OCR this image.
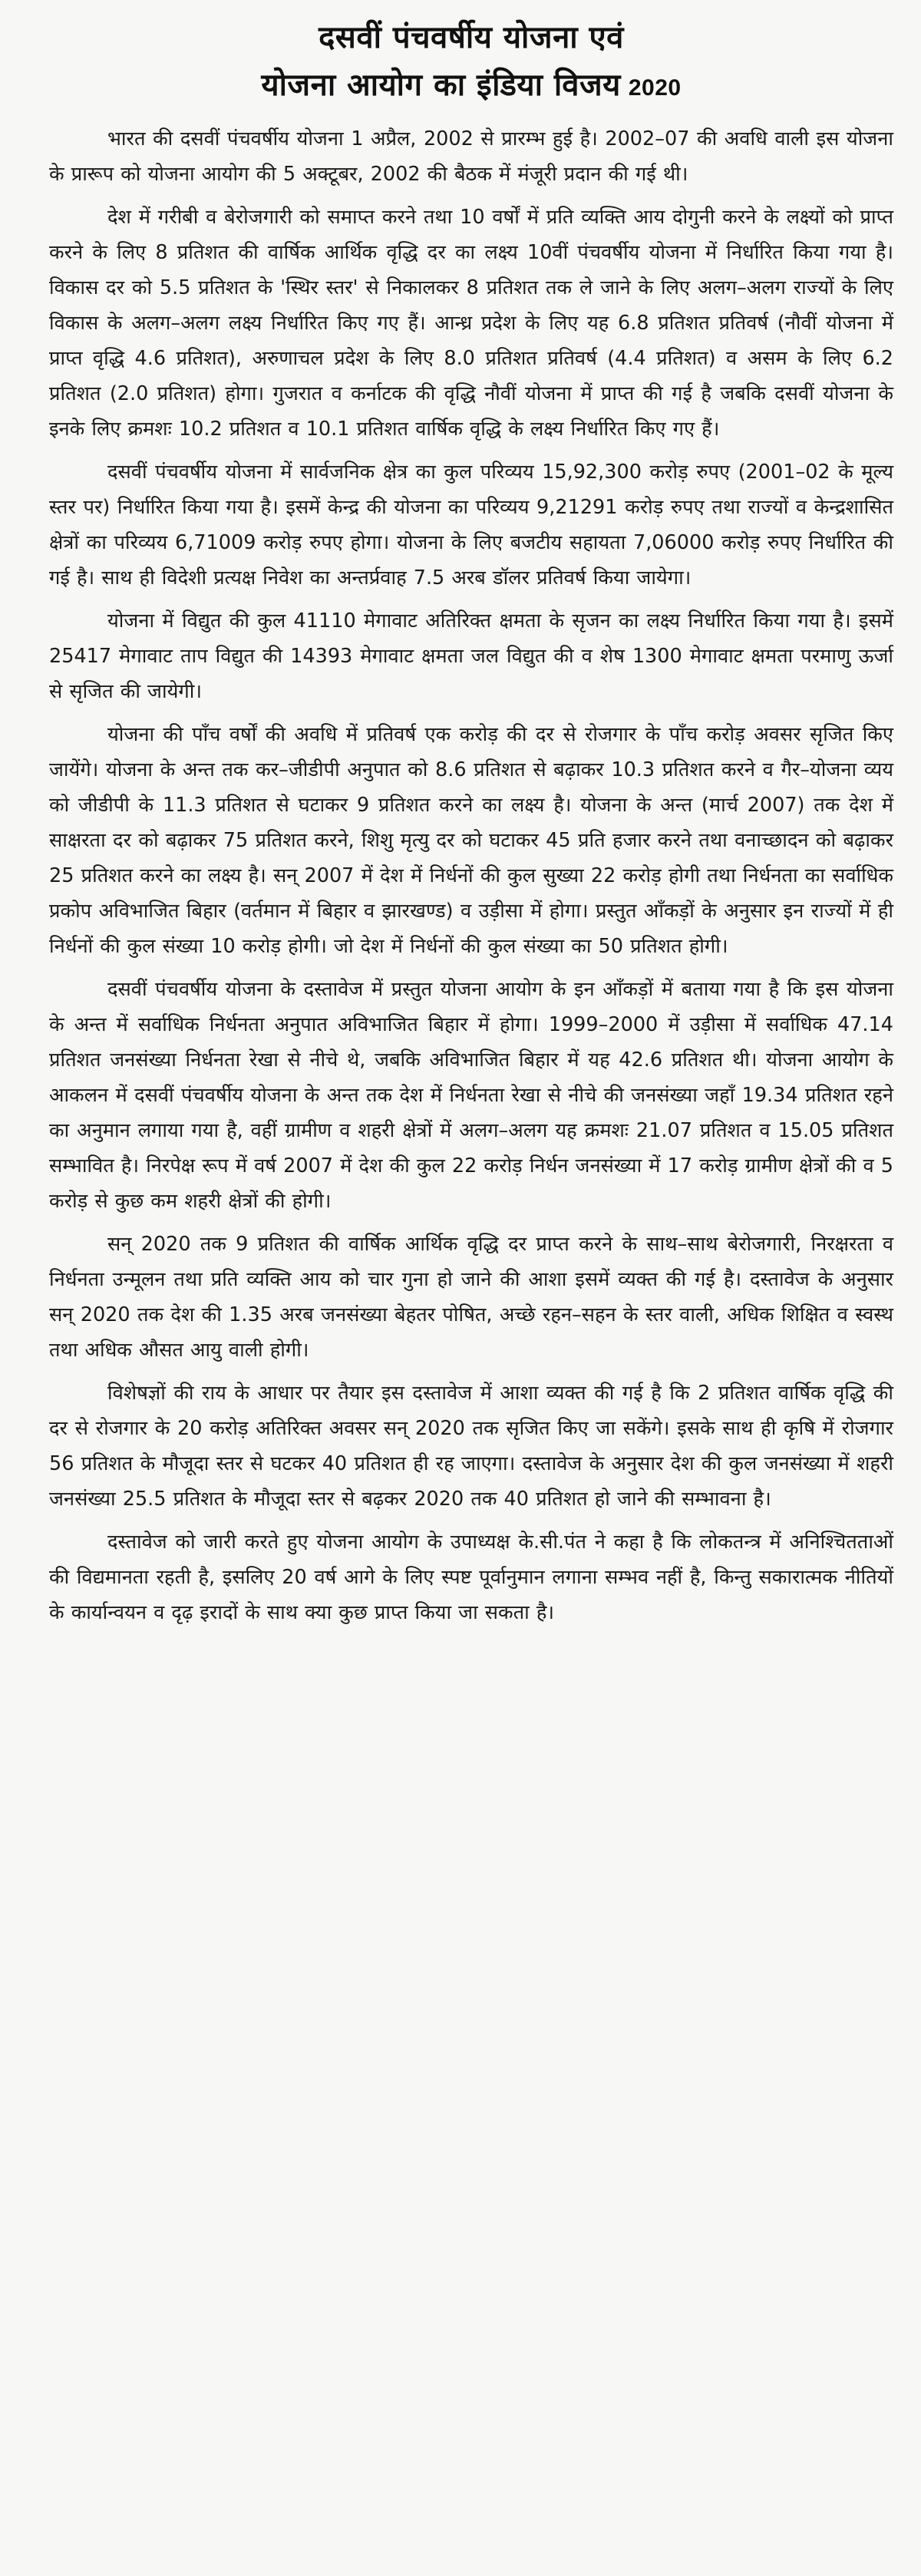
दसवीं पंचवर्षीय योजना एवं
योजना आयोग का इंडिया विजय 2020

भारत की दसवीं पंचवर्षीय योजना 1 अप्रैल, 2002 से प्रारम्भ हुई है। 2002–07 की अवधि वाली इस योजना के प्रारूप को योजना आयोग की 5 अक्टूबर, 2002 की बैठक में मंजूरी प्रदान की गई थी।

देश में गरीबी व बेरोजगारी को समाप्त करने तथा 10 वर्षों में प्रति व्यक्ति आय दोगुनी करने के लक्ष्यों को प्राप्त करने के लिए 8 प्रतिशत की वार्षिक आर्थिक वृद्धि दर का लक्ष्य 10वीं पंचवर्षीय योजना में निर्धारित किया गया है। विकास दर को 5.5 प्रतिशत के 'स्थिर स्तर' से निकालकर 8 प्रतिशत तक ले जाने के लिए अलग–अलग राज्यों के लिए विकास के अलग–अलग लक्ष्य निर्धारित किए गए हैं। आन्ध्र प्रदेश के लिए यह 6.8 प्रतिशत प्रतिवर्ष (नौवीं योजना में प्राप्त वृद्धि 4.6 प्रतिशत), अरुणाचल प्रदेश के लिए 8.0 प्रतिशत प्रतिवर्ष (4.4 प्रतिशत) व असम के लिए 6.2 प्रतिशत (2.0 प्रतिशत) होगा। गुजरात व कर्नाटक की वृद्धि नौवीं योजना में प्राप्त की गई है जबकि दसवीं योजना के इनके लिए क्रमशः 10.2 प्रतिशत व 10.1 प्रतिशत वार्षिक वृद्धि के लक्ष्य निर्धारित किए गए हैं।

दसवीं पंचवर्षीय योजना में सार्वजनिक क्षेत्र का कुल परिव्यय 15,92,300 करोड़ रुपए (2001–02 के मूल्य स्तर पर) निर्धारित किया गया है। इसमें केन्द्र की योजना का परिव्यय 9,21291 करोड़ रुपए तथा राज्यों व केन्द्रशासित क्षेत्रों का परिव्यय 6,71009 करोड़ रुपए होगा। योजना के लिए बजटीय सहायता 7,06000 करोड़ रुपए निर्धारित की गई है। साथ ही विदेशी प्रत्यक्ष निवेश का अन्तर्प्रवाह 7.5 अरब डॉलर प्रतिवर्ष किया जायेगा।

योजना में विद्युत की कुल 41110 मेगावाट अतिरिक्त क्षमता के सृजन का लक्ष्य निर्धारित किया गया है। इसमें 25417 मेगावाट ताप विद्युत की 14393 मेगावाट क्षमता जल विद्युत की व शेष 1300 मेगावाट क्षमता परमाणु ऊर्जा से सृजित की जायेगी।

योजना की पाँच वर्षों की अवधि में प्रतिवर्ष एक करोड़ की दर से रोजगार के पाँच करोड़ अवसर सृजित किए जायेंगे। योजना के अन्त तक कर–जीडीपी अनुपात को 8.6 प्रतिशत से बढ़ाकर 10.3 प्रतिशत करने व गैर–योजना व्यय को जीडीपी के 11.3 प्रतिशत से घटाकर 9 प्रतिशत करने का लक्ष्य है। योजना के अन्त (मार्च 2007) तक देश में साक्षरता दर को बढ़ाकर 75 प्रतिशत करने, शिशु मृत्यु दर को घटाकर 45 प्रति हजार करने तथा वनाच्छादन को बढ़ाकर 25 प्रतिशत करने का लक्ष्य है। सन् 2007 में देश में निर्धनों की कुल सुख्या 22 करोड़ होगी तथा निर्धनता का सर्वाधिक प्रकोप अविभाजित बिहार (वर्तमान में बिहार व झारखण्ड) व उड़ीसा में होगा। प्रस्तुत आँकड़ों के अनुसार इन राज्यों में ही निर्धनों की कुल संख्या 10 करोड़ होगी। जो देश में निर्धनों की कुल संख्या का 50 प्रतिशत होगी।

दसवीं पंचवर्षीय योजना के दस्तावेज में प्रस्तुत योजना आयोग के इन आँकड़ों में बताया गया है कि इस योजना के अन्त में सर्वाधिक निर्धनता अनुपात अविभाजित बिहार में होगा। 1999–2000 में उड़ीसा में सर्वाधिक 47.14 प्रतिशत जनसंख्या निर्धनता रेखा से नीचे थे, जबकि अविभाजित बिहार में यह 42.6 प्रतिशत थी। योजना आयोग के आकलन में दसवीं पंचवर्षीय योजना के अन्त तक देश में निर्धनता रेखा से नीचे की जनसंख्या जहाँ 19.34 प्रतिशत रहने का अनुमान लगाया गया है, वहीं ग्रामीण व शहरी क्षेत्रों में अलग–अलग यह क्रमशः 21.07 प्रतिशत व 15.05 प्रतिशत सम्भावित है। निरपेक्ष रूप में वर्ष 2007 में देश की कुल 22 करोड़ निर्धन जनसंख्या में 17 करोड़ ग्रामीण क्षेत्रों की व 5 करोड़ से कुछ कम शहरी क्षेत्रों की होगी।

सन् 2020 तक 9 प्रतिशत की वार्षिक आर्थिक वृद्धि दर प्राप्त करने के साथ–साथ बेरोजगारी, निरक्षरता व निर्धनता उन्मूलन तथा प्रति व्यक्ति आय को चार गुना हो जाने की आशा इसमें व्यक्त की गई है। दस्तावेज के अनुसार सन् 2020 तक देश की 1.35 अरब जनसंख्या बेहतर पोषित, अच्छे रहन–सहन के स्तर वाली, अधिक शिक्षित व स्वस्थ तथा अधिक औसत आयु वाली होगी।

विशेषज्ञों की राय के आधार पर तैयार इस दस्तावेज में आशा व्यक्त की गई है कि 2 प्रतिशत वार्षिक वृद्धि की दर से रोजगार के 20 करोड़ अतिरिक्त अवसर सन् 2020 तक सृजित किए जा सकेंगे। इसके साथ ही कृषि में रोजगार 56 प्रतिशत के मौजूदा स्तर से घटकर 40 प्रतिशत ही रह जाएगा। दस्तावेज के अनुसार देश की कुल जनसंख्या में शहरी जनसंख्या 25.5 प्रतिशत के मौजूदा स्तर से बढ़कर 2020 तक 40 प्रतिशत हो जाने की सम्भावना है।

दस्तावेज को जारी करते हुए योजना आयोग के उपाध्यक्ष के.सी.पंत ने कहा है कि लोकतन्त्र में अनिश्चितताओं की विद्यमानता रहती है, इसलिए 20 वर्ष आगे के लिए स्पष्ट पूर्वानुमान लगाना सम्भव नहीं है, किन्तु सकारात्मक नीतियों के कार्यान्वयन व दृढ़ इरादों के साथ क्या कुछ प्राप्त किया जा सकता है।
